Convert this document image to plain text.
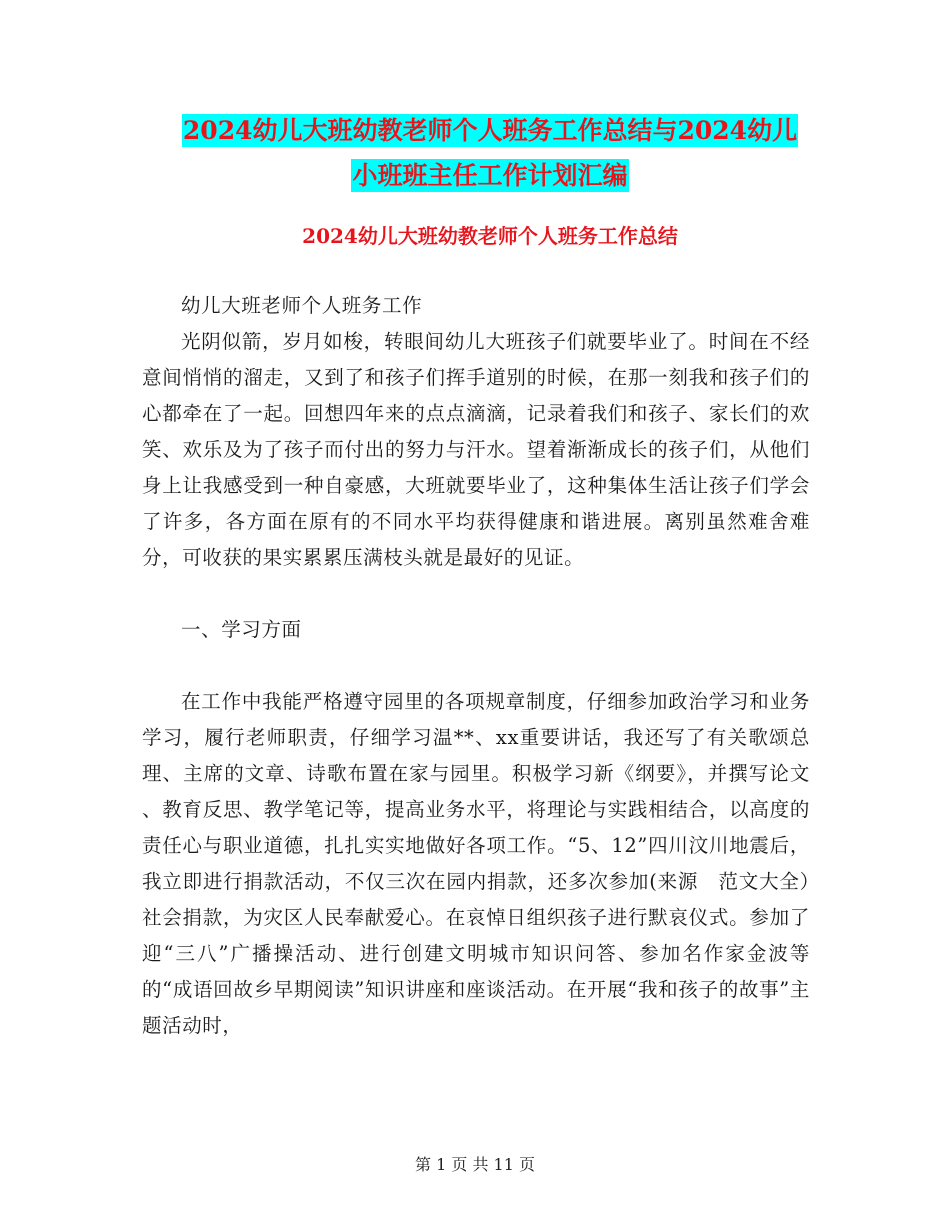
2024幼儿大班幼教老师个人班务工作总结与2024幼儿
小班班主任工作计划汇编
2024幼儿大班幼教老师个人班务工作总结

幼儿大班老师个人班务工作

光阴似箭，岁月如梭，转眼间幼儿大班孩子们就要毕业了。时间在不经意间悄悄的溜走，又到了和孩子们挥手道别的时候，在那一刻我和孩子们的心都牵在了一起。回想四年来的点点滴滴，记录着我们和孩子、家长们的欢笑、欢乐及为了孩子而付出的努力与汗水。望着渐渐成长的孩子们，从他们身上让我感受到一种自豪感，大班就要毕业了，这种集体生活让孩子们学会了许多，各方面在原有的不同水平均获得健康和谐进展。离别虽然难舍难分，可收获的果实累累压满枝头就是最好的见证。

一、学习方面

在工作中我能严格遵守园里的各项规章制度，仔细参加政治学习和业务学习，履行老师职责，仔细学习温**、xx重要讲话，我还写了有关歌颂总理、主席的文章、诗歌布置在家与园里。积极学习新《纲要》，并撰写论文 、教育反思、教学笔记等，提高业务水平，将理论与实践相结合，以高度的责任心与职业道德，扎扎实实地做好各项工作。“5、12”四川汶川地震后，我立即进行捐款活动，不仅三次在园内捐款，还多次参加(来源　范文大全）社会捐款，为灾区人民奉献爱心。在哀悼日组织孩子进行默哀仪式。参加了迎“三八”广播操活动、进行创建文明城市知识问答、参加名作家金波等的“成语回故乡早期阅读”知识讲座和座谈活动。在开展“我和孩子的故事”主题活动时，

第 1 页 共 11 页
